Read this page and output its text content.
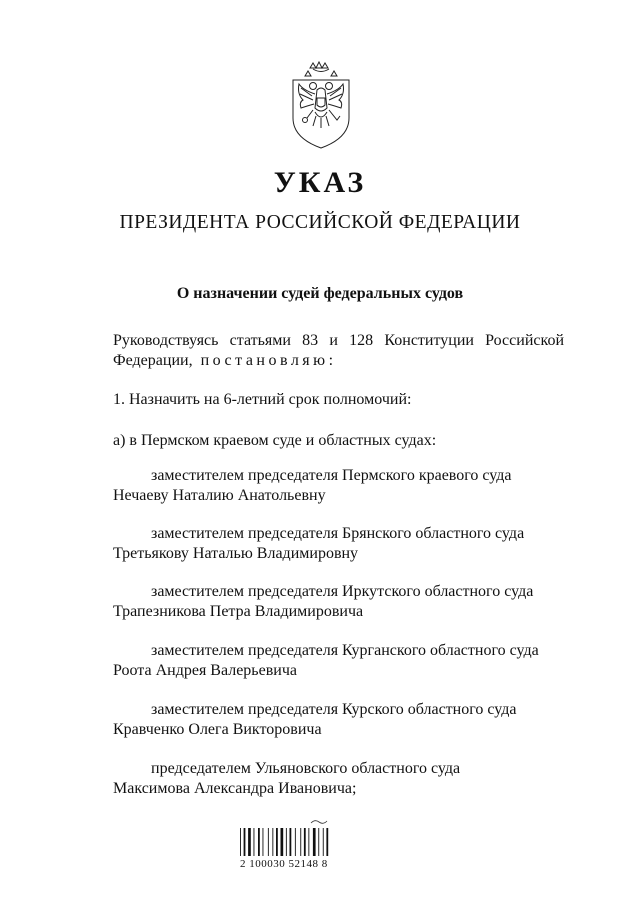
УКАЗ
ПРЕЗИДЕНТА РОССИЙСКОЙ ФЕДЕРАЦИИ
О назначении судей федеральных судов
Руководствуясь статьями 83 и 128 Конституции Российской
Федерации, постановляю:
1. Назначить на 6-летний срок полномочий:
а) в Пермском краевом суде и областных судах:
заместителем председателя Пермского краевого суда
Нечаеву Наталию Анатольевну
заместителем председателя Брянского областного суда
Третьякову Наталью Владимировну
заместителем председателя Иркутского областного суда
Трапезникова Петра Владимировича
заместителем председателя Курганского областного суда
Роота Андрея Валерьевича
заместителем председателя Курского областного суда
Кравченко Олега Викторовича
председателем Ульяновского областного суда
Максимова Александра Ивановича;
2 100030 52148 8
